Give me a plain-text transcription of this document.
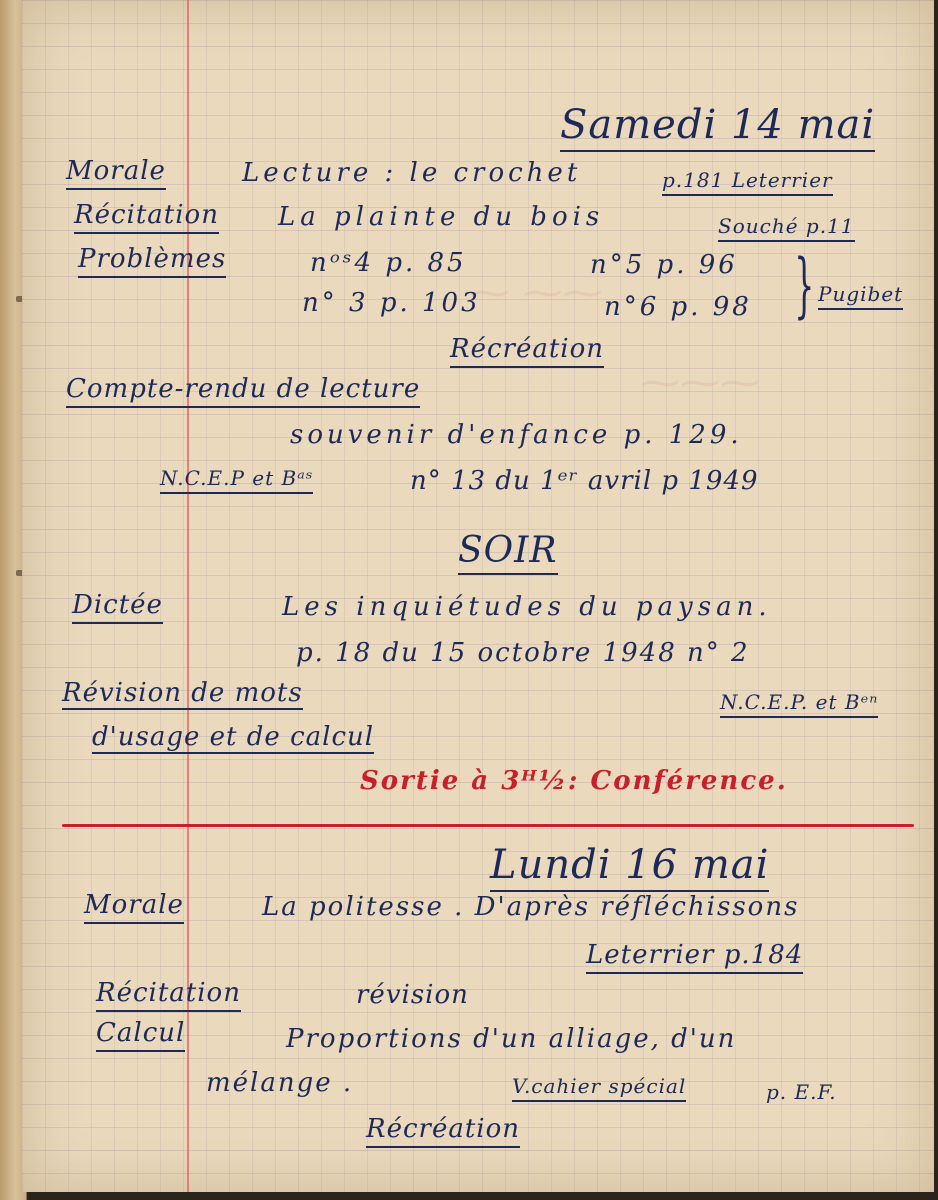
⁓ ⁓⁓
⁓⁓⁓
Samedi 14 mai
Morale	Lecture : le crochet	p.181 Leterrier
Récitation La plainte du bois	Souché p.11
Problèmes	nᵒˢ4 p. 85	n°5 p. 96
n° 3 p. 103	n°6 p. 98 } Pugibet
Récréation
Compte-rendu de lecture
souvenir d'enfance p. 129.
N.C.E.P et Bᵃˢ	n° 13 du 1ᵉʳ avril p 1949
SOIR
Dictée	Les inquiétudes du paysan.
p. 18 du 15 octobre 1948 n° 2
Révision de mots	N.C.E.P. et Bᵉⁿ
d'usage et de calcul
Sortie à 3ᴴ½: Conférence.
Lundi 16 mai
Morale	La politesse . D'après réfléchissons
Leterrier p.184
Récitation	révision
Calcul	Proportions d'un alliage, d'un
mélange .	V.cahier spécial	p. E.F.
Récréation
